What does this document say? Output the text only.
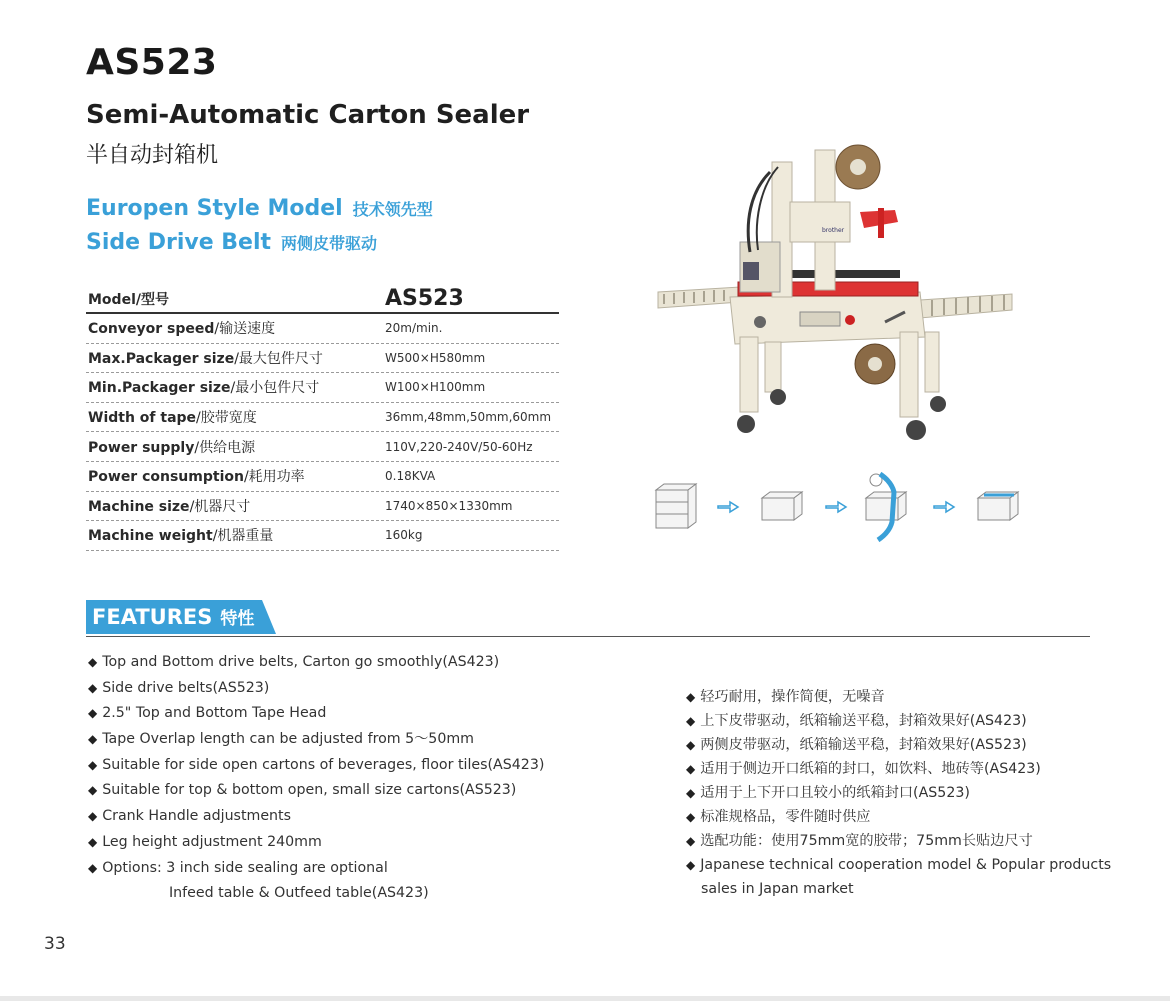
AS523
Semi-Automatic Carton Sealer
半自动封箱机
Europen Style Model 技术领先型
Side Drive Belt 两侧皮带驱动
Model/型号	AS523
Conveyor speed/输送速度	20m/min.
Max.Packager size/最大包件尺寸	W500×H580mm
Min.Packager size/最小包件尺寸	W100×H100mm
Width of tape/胶带宽度	36mm,48mm,50mm,60mm
Power supply/供给电源	110V,220-240V/50-60Hz
Power consumption/耗用功率	0.18KVA
Machine size/机器尺寸	1740×850×1330mm
Machine weight/机器重量	160kg
brother
FEATURES 特性
◆ Top and Bottom drive belts, Carton go smoothly(AS423)
◆ Side drive belts(AS523)
◆ 2.5" Top and Bottom Tape Head
◆ Tape Overlap length can be adjusted from 5～50mm
◆ Suitable for side open cartons of beverages, floor tiles(AS423)
◆ Suitable for top & bottom open, small size cartons(AS523)
◆ Crank Handle adjustments
◆ Leg height adjustment 240mm
◆ Options: 3 inch side sealing are optional
Infeed table & Outfeed table(AS423)
◆ 轻巧耐用，操作简便，无噪音
◆ 上下皮带驱动，纸箱输送平稳，封箱效果好(AS423)
◆ 两侧皮带驱动，纸箱输送平稳，封箱效果好(AS523)
◆ 适用于侧边开口纸箱的封口，如饮料、地砖等(AS423)
◆ 适用于上下开口且较小的纸箱封口(AS523)
◆ 标准规格品，零件随时供应
◆ 选配功能：使用75mm宽的胶带；75mm长贴边尺寸
◆ Japanese technical cooperation model & Popular products
sales in Japan market
33
